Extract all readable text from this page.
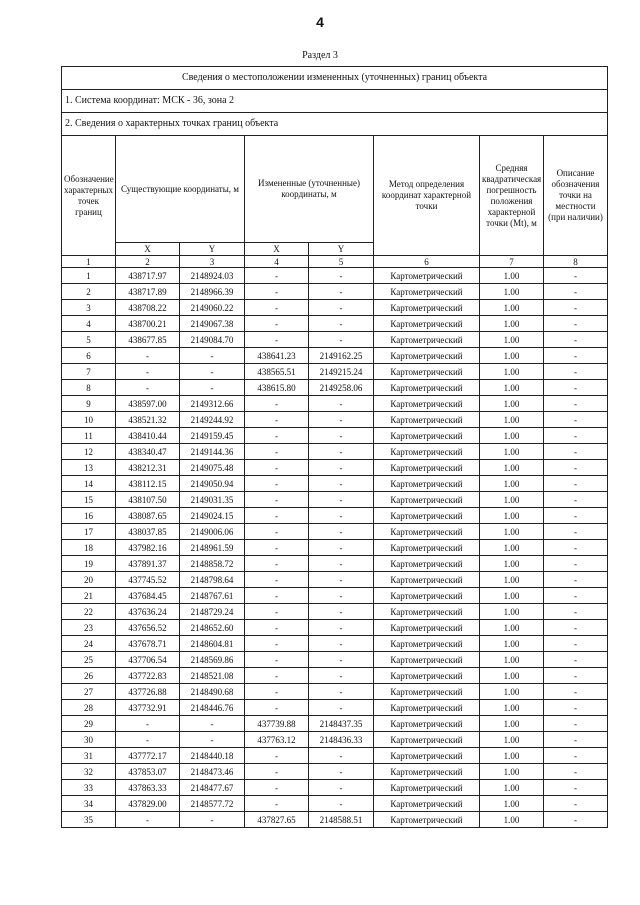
4
Раздел 3
Сведения о местоположении измененных (уточненных) границ объекта							
1. Система координат: МСК - 36, зона 2							
2. Сведения о характерных точках границ объекта							
Обозначение характерных точек границ	Существующие координаты, м		Измененные (уточненные) координаты, м		Метод определения координат характерной точки	Средняя квадратическая погрешность положения характерной точки (Mt), м	Описание обозначения точки на местности (при наличии)
	X	Y	X	Y			
1	2	3	4	5	6	7	8
1	438717.97	2148924.03	-	-	Картометрический	1.00	-
2	438717.89	2148966.39	-	-	Картометрический	1.00	-
3	438708.22	2149060.22	-	-	Картометрический	1.00	-
4	438700.21	2149067.38	-	-	Картометрический	1.00	-
5	438677.85	2149084.70	-	-	Картометрический	1.00	-
6	-	-	438641.23	2149162.25	Картометрический	1.00	-
7	-	-	438565.51	2149215.24	Картометрический	1.00	-
8	-	-	438615.80	2149258.06	Картометрический	1.00	-
9	438597.00	2149312.66	-	-	Картометрический	1.00	-
10	438521.32	2149244.92	-	-	Картометрический	1.00	-
11	438410.44	2149159.45	-	-	Картометрический	1.00	-
12	438340.47	2149144.36	-	-	Картометрический	1.00	-
13	438212.31	2149075.48	-	-	Картометрический	1.00	-
14	438112.15	2149050.94	-	-	Картометрический	1.00	-
15	438107.50	2149031.35	-	-	Картометрический	1.00	-
16	438087.65	2149024.15	-	-	Картометрический	1.00	-
17	438037.85	2149006.06	-	-	Картометрический	1.00	-
18	437982.16	2148961.59	-	-	Картометрический	1.00	-
19	437891.37	2148858.72	-	-	Картометрический	1.00	-
20	437745.52	2148798.64	-	-	Картометрический	1.00	-
21	437684.45	2148767.61	-	-	Картометрический	1.00	-
22	437636.24	2148729.24	-	-	Картометрический	1.00	-
23	437656.52	2148652.60	-	-	Картометрический	1.00	-
24	437678.71	2148604.81	-	-	Картометрический	1.00	-
25	437706.54	2148569.86	-	-	Картометрический	1.00	-
26	437722.83	2148521.08	-	-	Картометрический	1.00	-
27	437726.88	2148490.68	-	-	Картометрический	1.00	-
28	437732.91	2148446.76	-	-	Картометрический	1.00	-
29	-	-	437739.88	2148437.35	Картометрический	1.00	-
30	-	-	437763.12	2148436.33	Картометрический	1.00	-
31	437772.17	2148440.18	-	-	Картометрический	1.00	-
32	437853.07	2148473.46	-	-	Картометрический	1.00	-
33	437863.33	2148477.67	-	-	Картометрический	1.00	-
34	437829.00	2148577.72	-	-	Картометрический	1.00	-
35	-	-	437827.65	2148588.51	Картометрический	1.00	-
